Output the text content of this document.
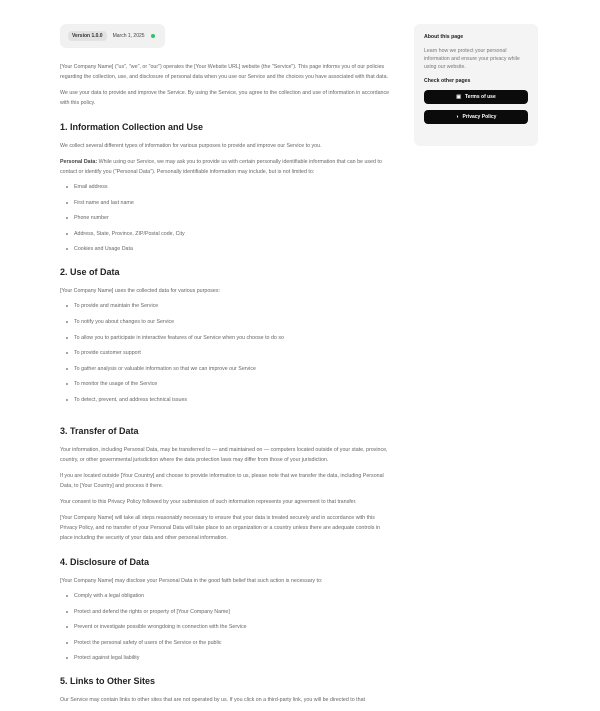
Version 1.0.0	March 1, 2025

[Your Company Name] ("us", "we", or "our") operates the [Your Website URL] website (the "Service"). This page informs you of our policies regarding the collection, use, and disclosure of personal data when you use our Service and the choices you have associated with that data.

We use your data to provide and improve the Service. By using the Service, you agree to the collection and use of information in accordance with this policy.

1. Information Collection and Use

We collect several different types of information for various purposes to provide and improve our Service to you.

Personal Data: While using our Service, we may ask you to provide us with certain personally identifiable information that can be used to contact or identify you ("Personal Data"). Personally identifiable information may include, but is not limited to:

Email address
First name and last name
Phone number
Address, State, Province, ZIP/Postal code, City
Cookies and Usage Data
2. Use of Data

[Your Company Name] uses the collected data for various purposes:

To provide and maintain the Service
To notify you about changes to our Service
To allow you to participate in interactive features of our Service when you choose to do so
To provide customer support
To gather analysis or valuable information so that we can improve our Service
To monitor the usage of the Service
To detect, prevent, and address technical issues
3. Transfer of Data

Your information, including Personal Data, may be transferred to — and maintained on — computers located outside of your state, province, country, or other governmental jurisdiction where the data protection laws may differ from those of your jurisdiction.

If you are located outside [Your Country] and choose to provide information to us, please note that we transfer the data, including Personal Data, to [Your Country] and process it there.

Your consent to this Privacy Policy followed by your submission of such information represents your agreement to that transfer.

[Your Company Name] will take all steps reasonably necessary to ensure that your data is treated securely and in accordance with this Privacy Policy, and no transfer of your Personal Data will take place to an organization or a country unless there are adequate controls in place including the security of your data and other personal information.

4. Disclosure of Data

[Your Company Name] may disclose your Personal Data in the good faith belief that such action is necessary to:

Comply with a legal obligation
Protect and defend the rights or property of [Your Company Name]
Prevent or investigate possible wrongdoing in connection with the Service
Protect the personal safety of users of the Service or the public
Protect against legal liability
5. Links to Other Sites

Our Service may contain links to other sites that are not operated by us. If you click on a third-party link, you will be directed to that

About this page
Learn how we protect your personal information and ensure your privacy while using our website.
Check other pages
▣ Terms of use
◑ Privacy Policy
